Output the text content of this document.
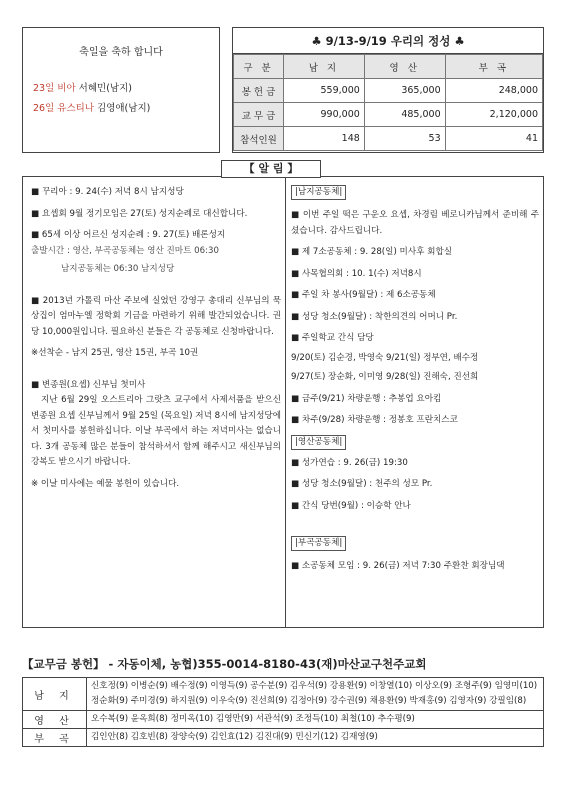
축일을 축하 합니다
23일 비아 서혜민(남지)
26일 유스티나 김영애(남지)
♣ 9/13-9/19 우리의 정성 ♣
구 분	남 지	영 산	부 곡
봉 헌 금	559,000	365,000	248,000
교 무 금	990,000	485,000	2,120,000
참석인원	148	53	41
■ 꾸리아 : 9. 24(수) 저녁 8시 남지성당
■ 요셉회 9월 정기모임은 27(토) 성지순례로 대신합니다.
■ 65세 이상 어르신 성지순례 : 9. 27(토) 배론성지
출발시간 : 영산, 부곡공동체는 영산 진마트 06:30
남지공동체는 06:30 남지성당
■ 2013년 가톨릭 마산 주보에 실었던 강영구 총대리 신부님의 묵상집이 엄마누엘 정학회 기금을 마련하기 위해 발간되었습니다. 권당 10,000원입니다. 필요하신 분들은 각 공동체로 신청바랍니다.
※선착순 - 남지 25권, 영산 15권, 부곡 10권
■ 변종원(요셉) 신부님 첫미사
지난 6월 29일 오스트리아 그랏츠 교구에서 사제서품을 받으신 변종원 요셉 신부님께서 9월 25일 (목요일) 저녁 8시에 남지성당에서 첫미사를 봉헌하십니다. 이날 부곡에서 하는 저녁미사는 없습니다. 3개 공동체 많은 분들이 참석하셔서 함께 해주시고 새신부님의 강복도 받으시기 바랍니다.
※ 이날 미사에는 예물 봉헌이 있습니다.
|남지공동체|
■ 이번 주일 떡은 구운오 요셉, 차경림 베로니카님께서 준비해 주셨습니다. 감사드립니다.
■ 제 7소공동체 : 9. 28(일) 미사후 회합실
■ 사목협의회 : 10. 1(수) 저녁8시
■ 주일 차 봉사(9월달) : 제 6소공동체
■ 성당 청소(9월달) : 착한의견의 어머니 Pr.
■ 주일학교 간식 담당
9/20(토) 김순경, 박영숙 9/21(일) 정부연, 배수정
9/27(토) 장순화, 이미영 9/28(일) 진해숙, 진선희
■ 금주(9/21) 차량운행 : 추봉업 요아킴
■ 차주(9/28) 차량운행 : 정봉호 프란치스코
|영산공동체|
■ 성가연습 : 9. 26(금) 19:30
■ 성당 청소(9월달) : 천주의 성모 Pr.
■ 간식 당번(9월) : 이승학 안나
|부곡공동체|
■ 소공동체 모임 : 9. 26(금) 저녁 7:30 주환찬 회장님댁
【 알 림 】
【교무금 봉헌】 - 자동이체, 농협)355-0014-8180-43(재)마산교구천주교회
남 지	신호정(9) 이병순(9) 배수정(9) 이영득(9) 공수분(9) 김우석(9) 강용환(9) 이창열(10) 이상오(9) 조형주(9) 임영미(10) 정순화(9) 주미경(9) 하지원(9) 이우숙(9) 진선희(9) 김정아(9) 강수권(9) 채용환(9) 박재홍(9) 김영자(9) 강필임(8)
영 산	오수복(9) 윤옥희(8) 정미옥(10) 김영만(9) 서관석(9) 조정득(10) 최철(10) 추수평(9)
부 곡	김인안(8) 김호빈(8) 장양숙(9) 김인효(12) 김진대(9) 민신기(12) 김재영(9)
